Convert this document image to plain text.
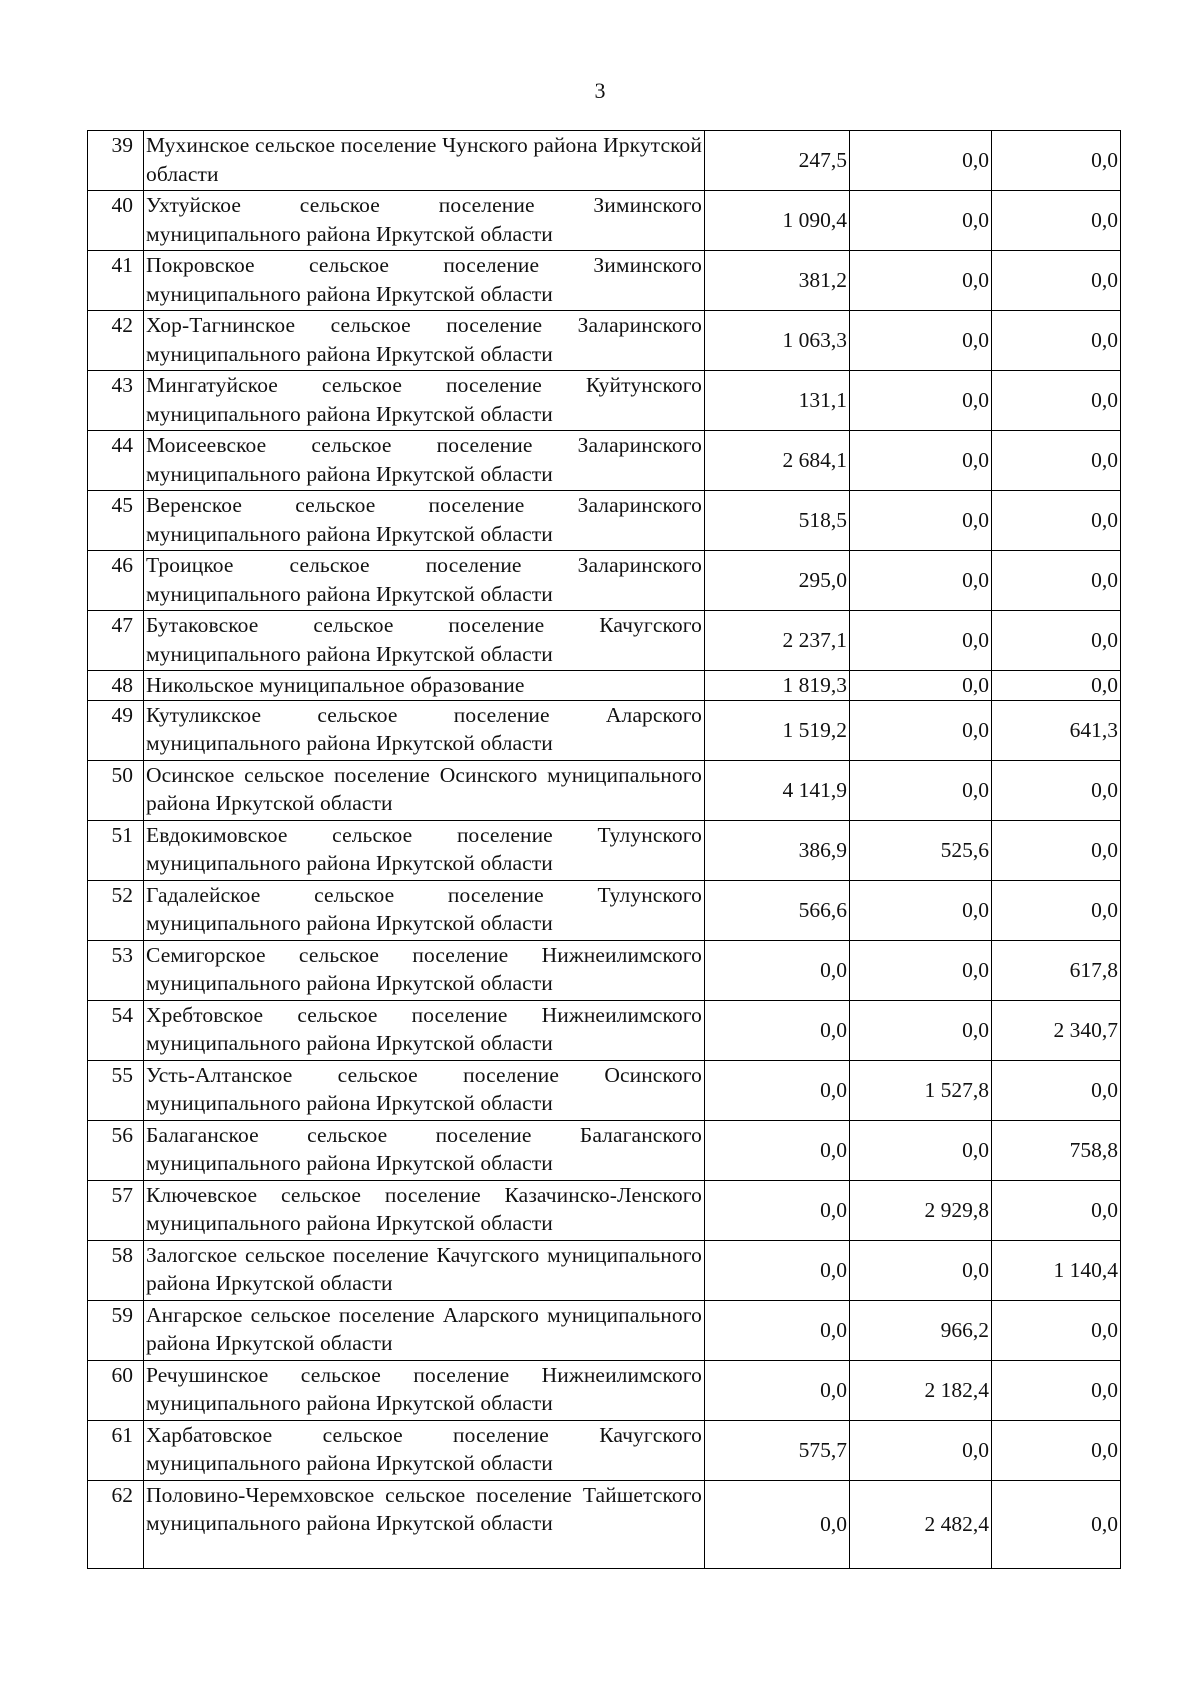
3
39	Мухинское сельское поселение Чунского района Иркутской области	247,5	0,0	0,0
40	Ухтуйское сельское поселение Зиминского муниципального района Иркутской области	1 090,4	0,0	0,0
41	Покровское сельское поселение Зиминского муниципального района Иркутской области	381,2	0,0	0,0
42	Хор-Тагнинское сельское поселение Заларинского муниципального района Иркутской области	1 063,3	0,0	0,0
43	Мингатуйское сельское поселение Куйтунского муниципального района Иркутской области	131,1	0,0	0,0
44	Моисеевское сельское поселение Заларинского муниципального района Иркутской области	2 684,1	0,0	0,0
45	Веренское сельское поселение Заларинского муниципального района Иркутской области	518,5	0,0	0,0
46	Троицкое сельское поселение Заларинского муниципального района Иркутской области	295,0	0,0	0,0
47	Бутаковское сельское поселение Качугского муниципального района Иркутской области	2 237,1	0,0	0,0
48	Никольское муниципальное образование	1 819,3	0,0	0,0
49	Кутуликское сельское поселение Аларского муниципального района Иркутской области	1 519,2	0,0	641,3
50	Осинское сельское поселение Осинского муниципального района Иркутской области	4 141,9	0,0	0,0
51	Евдокимовское сельское поселение Тулунского муниципального района Иркутской области	386,9	525,6	0,0
52	Гадалейское сельское поселение Тулунского муниципального района Иркутской области	566,6	0,0	0,0
53	Семигорское сельское поселение Нижнеилимского муниципального района Иркутской области	0,0	0,0	617,8
54	Хребтовское сельское поселение Нижнеилимского муниципального района Иркутской области	0,0	0,0	2 340,7
55	Усть-Алтанское сельское поселение Осинского муниципального района Иркутской области	0,0	1 527,8	0,0
56	Балаганское сельское поселение Балаганского муниципального района Иркутской области	0,0	0,0	758,8
57	Ключевское сельское поселение Казачинско-Ленского муниципального района Иркутской области	0,0	2 929,8	0,0
58	Залогское сельское поселение Качугского муниципального района Иркутской области	0,0	0,0	1 140,4
59	Ангарское сельское поселение Аларского муниципального района Иркутской области	0,0	966,2	0,0
60	Речушинское сельское поселение Нижнеилимского муниципального района Иркутской области	0,0	2 182,4	0,0
61	Харбатовское сельское поселение Качугского муниципального района Иркутской области	575,7	0,0	0,0
62	Половино-Черемховское сельское поселение Тайшетского муниципального района Иркутской области	0,0	2 482,4	0,0
